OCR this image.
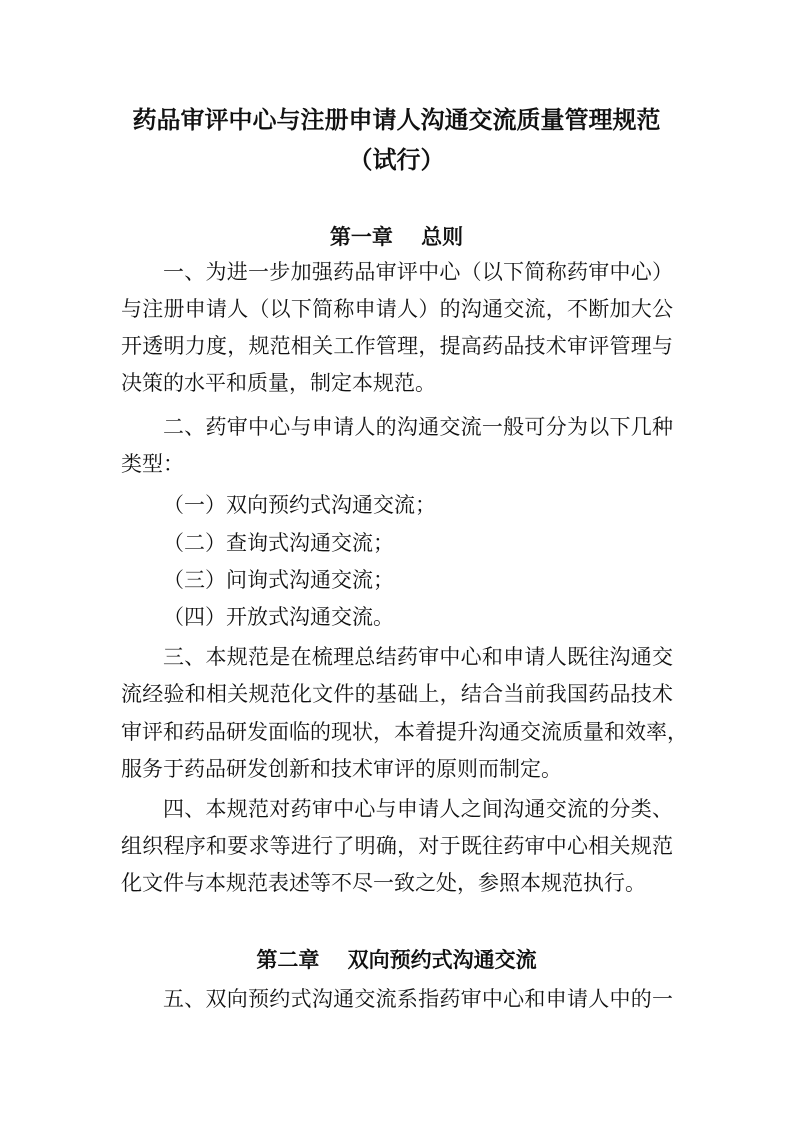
药品审评中心与注册申请人沟通交流质量管理规范
（试行）
第一章　 总则

一、为进一步加强药品审评中心（以下简称药审中心）

与注册申请人（以下简称申请人）的沟通交流，不断加大公

开透明力度，规范相关工作管理，提高药品技术审评管理与

决策的水平和质量，制定本规范。

二、药审中心与申请人的沟通交流一般可分为以下几种

类型：

（一）双向预约式沟通交流；

（二）查询式沟通交流；

（三）问询式沟通交流；

（四）开放式沟通交流。

三、本规范是在梳理总结药审中心和申请人既往沟通交

流经验和相关规范化文件的基础上，结合当前我国药品技术

审评和药品研发面临的现状，本着提升沟通交流质量和效率，

服务于药品研发创新和技术审评的原则而制定。

四、本规范对药审中心与申请人之间沟通交流的分类、

组织程序和要求等进行了明确，对于既往药审中心相关规范

化文件与本规范表述等不尽一致之处，参照本规范执行。

第二章　 双向预约式沟通交流

五、双向预约式沟通交流系指药审中心和申请人中的一
